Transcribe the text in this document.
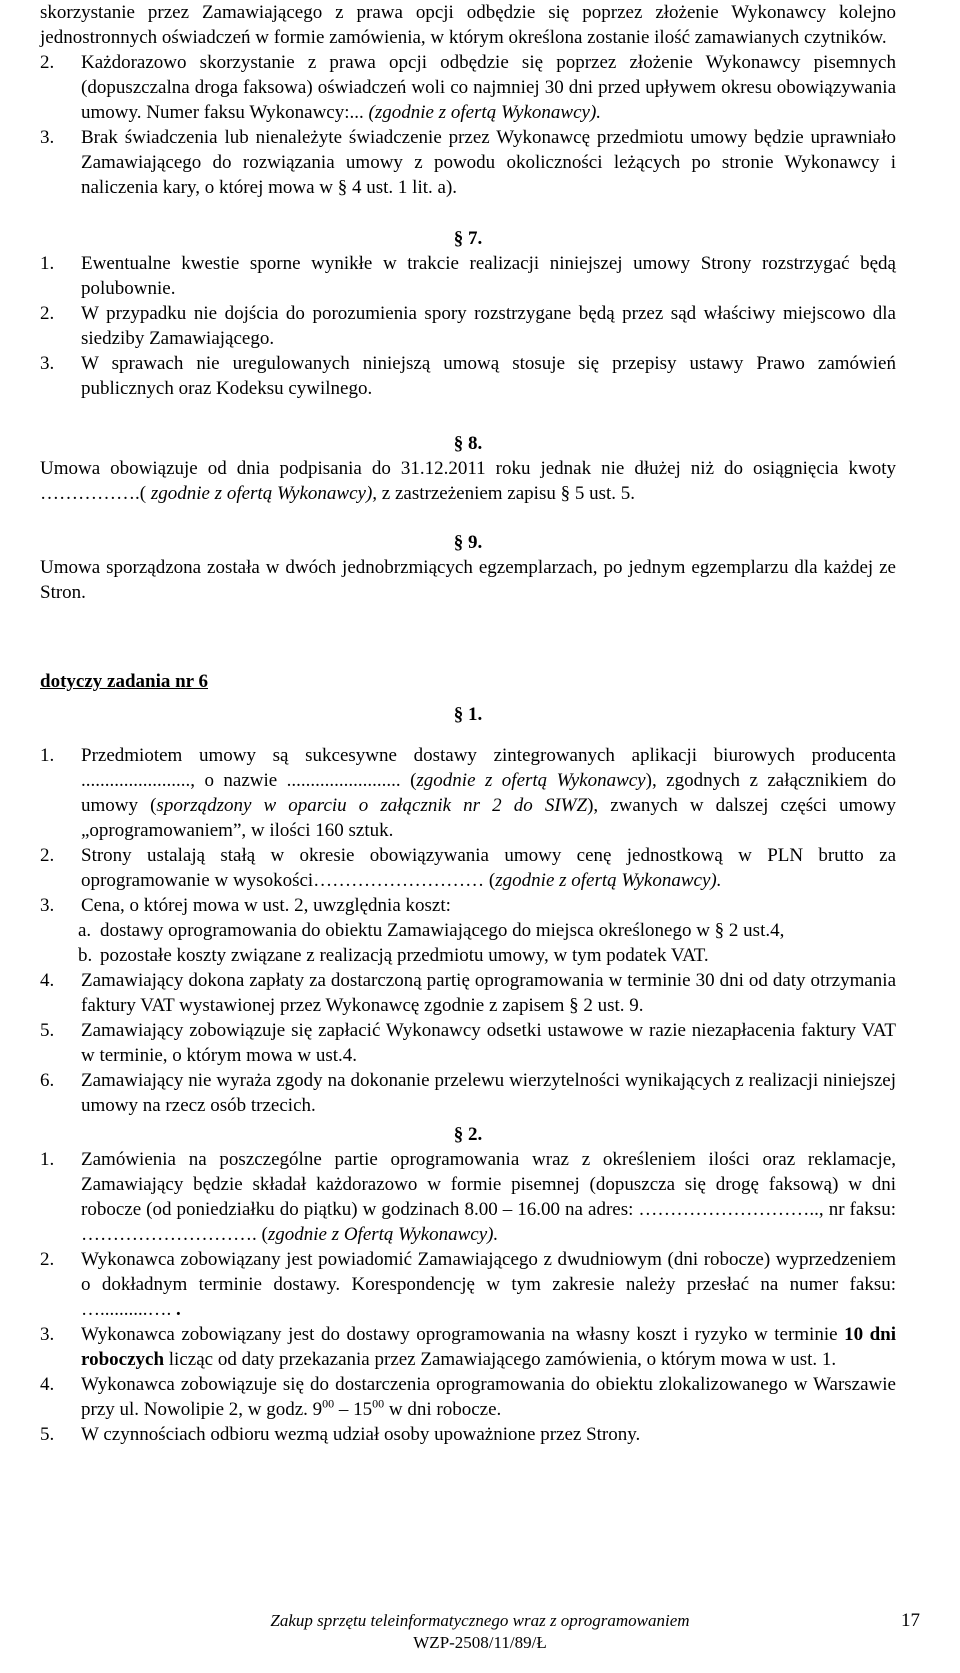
skorzystanie przez Zamawiającego z prawa opcji odbędzie się poprzez złożenie Wykonawcy kolejno jednostronnych oświadczeń w formie zamówienia, w którym określona zostanie ilość zamawianych czytników.

2. Każdorazowo skorzystanie z prawa opcji odbędzie się poprzez złożenie Wykonawcy pisemnych (dopuszczalna droga faksowa) oświadczeń woli co najmniej 30 dni przed upływem okresu obowiązywania umowy. Numer faksu Wykonawcy:... (zgodnie z ofertą Wykonawcy).
3. Brak świadczenia lub nienależyte świadczenie przez Wykonawcę przedmiotu umowy będzie uprawniało Zamawiającego do rozwiązania umowy z powodu okoliczności leżących po stronie Wykonawcy i naliczenia kary, o której mowa w § 4 ust. 1 lit. a).

§ 7.

1. Ewentualne kwestie sporne wynikłe w trakcie realizacji niniejszej umowy Strony rozstrzygać będą polubownie.
2. W przypadku nie dojścia do porozumienia spory rozstrzygane będą przez sąd właściwy miejscowo dla siedziby Zamawiającego.
3. W sprawach nie uregulowanych niniejszą umową stosuje się przepisy ustawy Prawo zamówień publicznych oraz Kodeksu cywilnego.

§ 8.

Umowa obowiązuje od dnia podpisania do 31.12.2011 roku jednak nie dłużej niż do osiągnięcia kwoty …………….( zgodnie z ofertą Wykonawcy), z zastrzeżeniem zapisu § 5 ust. 5.

§ 9.

Umowa sporządzona została w dwóch jednobrzmiących egzemplarzach, po jednym egzemplarzu dla każdej ze Stron.

dotyczy zadania nr 6

§ 1.

1. Przedmiotem umowy są sukcesywne dostawy zintegrowanych aplikacji biurowych producenta ......................., o nazwie ........................ (zgodnie z ofertą Wykonawcy), zgodnych z załącznikiem do umowy (sporządzony w oparciu o załącznik nr 2 do SIWZ), zwanych w dalszej części umowy „oprogramowaniem”, w ilości 160 sztuk.
2. Strony ustalają stałą w okresie obowiązywania umowy cenę jednostkową w PLN brutto za oprogramowanie w wysokości……………………… (zgodnie z ofertą Wykonawcy).
3. Cena, o której mowa w ust. 2, uwzględnia koszt:
a. dostawy oprogramowania do obiektu Zamawiającego do miejsca określonego w § 2 ust.4,
b. pozostałe koszty związane z realizacją przedmiotu umowy, w tym podatek VAT.
4. Zamawiający dokona zapłaty za dostarczoną partię oprogramowania w terminie 30 dni od daty otrzymania faktury VAT wystawionej przez Wykonawcę zgodnie z zapisem § 2 ust. 9.
5. Zamawiający zobowiązuje się zapłacić Wykonawcy odsetki ustawowe w razie niezapłacenia faktury VAT w terminie, o którym mowa w ust.4.
6. Zamawiający nie wyraża zgody na dokonanie przelewu wierzytelności wynikających z realizacji niniejszej umowy na rzecz osób trzecich.

§ 2.

1. Zamówienia na poszczególne partie oprogramowania wraz z określeniem ilości oraz reklamacje, Zamawiający będzie składał każdorazowo w formie pisemnej (dopuszcza się drogę faksową) w dni robocze (od poniedziałku do piątku) w godzinach 8.00 – 16.00 na adres: ……………………….., nr faksu: ………………………. (zgodnie z Ofertą Wykonawcy).
2. Wykonawca zobowiązany jest powiadomić Zamawiającego z dwudniowym (dni robocze) wyprzedzeniem o dokładnym terminie dostawy. Korespondencję w tym zakresie należy przesłać na numer faksu: …..........…. .
3. Wykonawca zobowiązany jest do dostawy oprogramowania na własny koszt i ryzyko w terminie 10 dni roboczych licząc od daty przekazania przez Zamawiającego zamówienia, o którym mowa w ust. 1.
4. Wykonawca zobowiązuje się do dostarczenia oprogramowania do obiektu zlokalizowanego w Warszawie przy ul. Nowolipie 2, w godz. $9^{00} - 15^{00}$ w dni robocze.
5. W czynnościach odbioru wezmą udział osoby upoważnione przez Strony.
Zakup sprzętu teleinformatycznego wraz z oprogramowaniem
WZP-2508/11/89/Ł
17
